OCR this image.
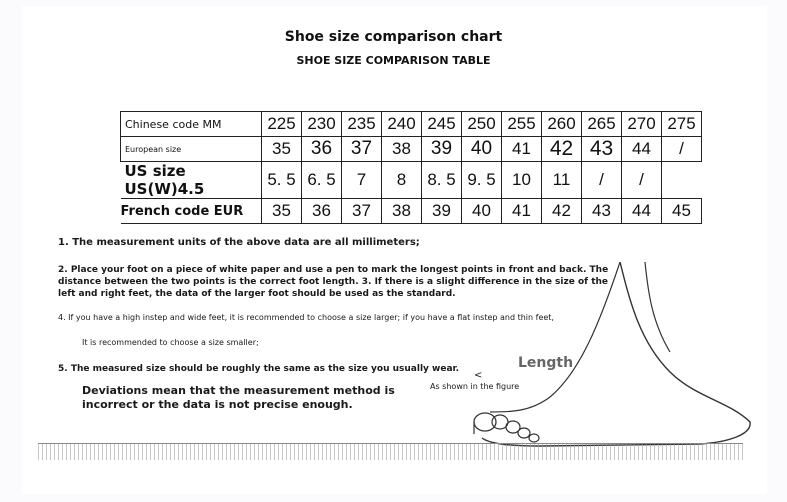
Shoe size comparison chart
SHOE SIZE COMPARISON TABLE
Chinese code MM	225	230	235	240	245	250	255	260	265	270	275
European size	35	36	37	38	39	40	41	42	43	44	/
US size US(W)4.5	5. 5	6. 5	7	8	8. 5	9. 5	10	11	/	/	
French code EUR	35	36	37	38	39	40	41	42	43	44	45
1. The measurement units of the above data are all millimeters;
2. Place your foot on a piece of white paper and use a pen to mark the longest points in front and back. The distance between the two points is the correct foot length. 3. If there is a slight difference in the size of the left and right feet, the data of the larger foot should be used as the standard.
4. If you have a high instep and wide feet, it is recommended to choose a size larger; if you have a flat instep and thin feet,
It is recommended to choose a size smaller;
5. The measured size should be roughly the same as the size you usually wear.
Deviations mean that the measurement method is incorrect or the data is not precise enough.
Length
<
As shown in the figure
